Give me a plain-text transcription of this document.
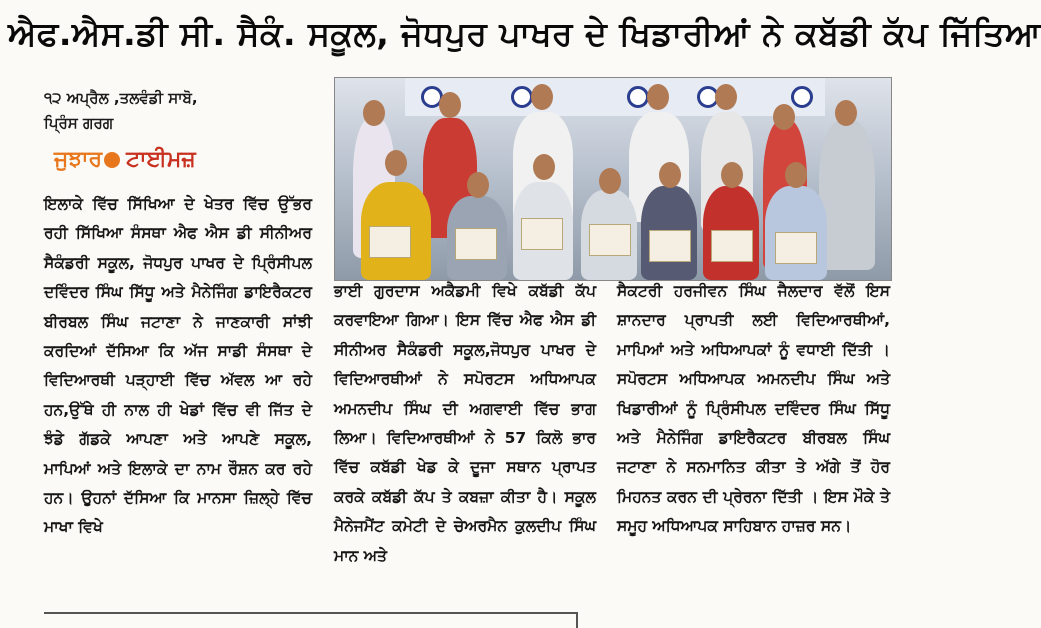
ਐਫ.ਐਸ.ਡੀ ਸੀ. ਸੈਕੰ. ਸਕੂਲ, ਜੋਧਪੁਰ ਪਾਖਰ ਦੇ ਖਿਡਾਰੀਆਂ ਨੇ ਕਬੱਡੀ ਕੱਪ ਜਿੱਤਿਆ
੧੨ ਅਪ੍ਰੈਲ ,ਤਲਵੰਡੀ ਸਾਬੋ,
ਪ੍ਰਿੰਸ ਗਰਗ
ਜੁਝਾਰ ਟਾਈਮਜ਼

ਇਲਾਕੇ ਵਿੱਚ ਸਿੱਖਿਆ ਦੇ ਖੇਤਰ ਵਿੱਚ ਉੱਭਰ ਰਹੀ ਸਿੱਖਿਆ ਸੰਸਥਾ ਐਫ ਐਸ ਡੀ ਸੀਨੀਅਰ ਸੈਕੰਡਰੀ ਸਕੂਲ, ਜੋਧਪੁਰ ਪਾਖਰ ਦੇ ਪ੍ਰਿੰਸੀਪਲ ਦਵਿੰਦਰ ਸਿੰਘ ਸਿੱਧੂ ਅਤੇ ਮੈਨੇਜਿੰਗ ਡਾਇਰੈਕਟਰ ਬੀਰਬਲ ਸਿੰਘ ਜਟਾਣਾ ਨੇ ਜਾਣਕਾਰੀ ਸਾਂਝੀ ਕਰਦਿਆਂ ਦੱਸਿਆ ਕਿ ਅੱਜ ਸਾਡੀ ਸੰਸਥਾ ਦੇ ਵਿਦਿਆਰਥੀ ਪੜ੍ਹਾਈ ਵਿੱਚ ਅੱਵਲ ਆ ਰਹੇ ਹਨ,ਉੱਥੇ ਹੀ ਨਾਲ ਹੀ ਖੇਡਾਂ ਵਿੱਚ ਵੀ ਜਿੱਤ ਦੇ ਝੰਡੇ ਗੱਡਕੇ ਆਪਣਾ ਅਤੇ ਆਪਣੇ ਸਕੂਲ, ਮਾਪਿਆਂ ਅਤੇ ਇਲਾਕੇ ਦਾ ਨਾਮ ਰੌਸ਼ਨ ਕਰ ਰਹੇ ਹਨ। ਉਹਨਾਂ ਦੱਸਿਆ ਕਿ ਮਾਨਸਾ ਜ਼ਿਲ੍ਹੇ ਵਿੱਚ ਮਾਖਾ ਵਿਖੇ

ਭਾਈ ਗੁਰਦਾਸ ਅਕੈਡਮੀ ਵਿਖੇ ਕਬੱਡੀ ਕੱਪ ਕਰਵਾਇਆ ਗਿਆ। ਇਸ ਵਿੱਚ ਐਫ ਐਸ ਡੀ ਸੀਨੀਅਰ ਸੈਕੰਡਰੀ ਸਕੂਲ,ਜੋਧਪੁਰ ਪਾਖਰ ਦੇ ਵਿਦਿਆਰਥੀਆਂ ਨੇ ਸਪੋਰਟਸ ਅਧਿਆਪਕ ਅਮਨਦੀਪ ਸਿੰਘ ਦੀ ਅਗਵਾਈ ਵਿੱਚ ਭਾਗ ਲਿਆ। ਵਿਦਿਆਰਥੀਆਂ ਨੇ 57 ਕਿਲੋ ਭਾਰ ਵਿੱਚ ਕਬੱਡੀ ਖੇਡ ਕੇ ਦੂਜਾ ਸਥਾਨ ਪ੍ਰਾਪਤ ਕਰਕੇ ਕਬੱਡੀ ਕੱਪ ਤੇ ਕਬਜ਼ਾ ਕੀਤਾ ਹੈ। ਸਕੂਲ ਮੈਨੇਜਮੈਂਟ ਕਮੇਟੀ ਦੇ ਚੇਅਰਮੈਨ ਕੁਲਦੀਪ ਸਿੰਘ ਮਾਨ ਅਤੇ

ਸੈਕਟਰੀ ਹਰਜੀਵਨ ਸਿੰਘ ਜੈਲਦਾਰ ਵੱਲੋਂ ਇਸ ਸ਼ਾਨਦਾਰ ਪ੍ਰਾਪਤੀ ਲਈ ਵਿਦਿਆਰਥੀਆਂ, ਮਾਪਿਆਂ ਅਤੇ ਅਧਿਆਪਕਾਂ ਨੂੰ ਵਧਾਈ ਦਿੱਤੀ । ਸਪੋਰਟਸ ਅਧਿਆਪਕ ਅਮਨਦੀਪ ਸਿੰਘ ਅਤੇ ਖਿਡਾਰੀਆਂ ਨੂੰ ਪ੍ਰਿੰਸੀਪਲ ਦਵਿੰਦਰ ਸਿੰਘ ਸਿੱਧੂ ਅਤੇ ਮੈਨੇਜਿੰਗ ਡਾਇਰੈਕਟਰ ਬੀਰਬਲ ਸਿੰਘ ਜਟਾਣਾ ਨੇ ਸਨਮਾਨਿਤ ਕੀਤਾ ਤੇ ਅੱਗੇ ਤੋਂ ਹੋਰ ਮਿਹਨਤ ਕਰਨ ਦੀ ਪ੍ਰੇਰਨਾ ਦਿੱਤੀ । ਇਸ ਮੌਕੇ ਤੇ ਸਮੂਹ ਅਧਿਆਪਕ ਸਾਹਿਬਾਨ ਹਾਜ਼ਰ ਸਨ।
